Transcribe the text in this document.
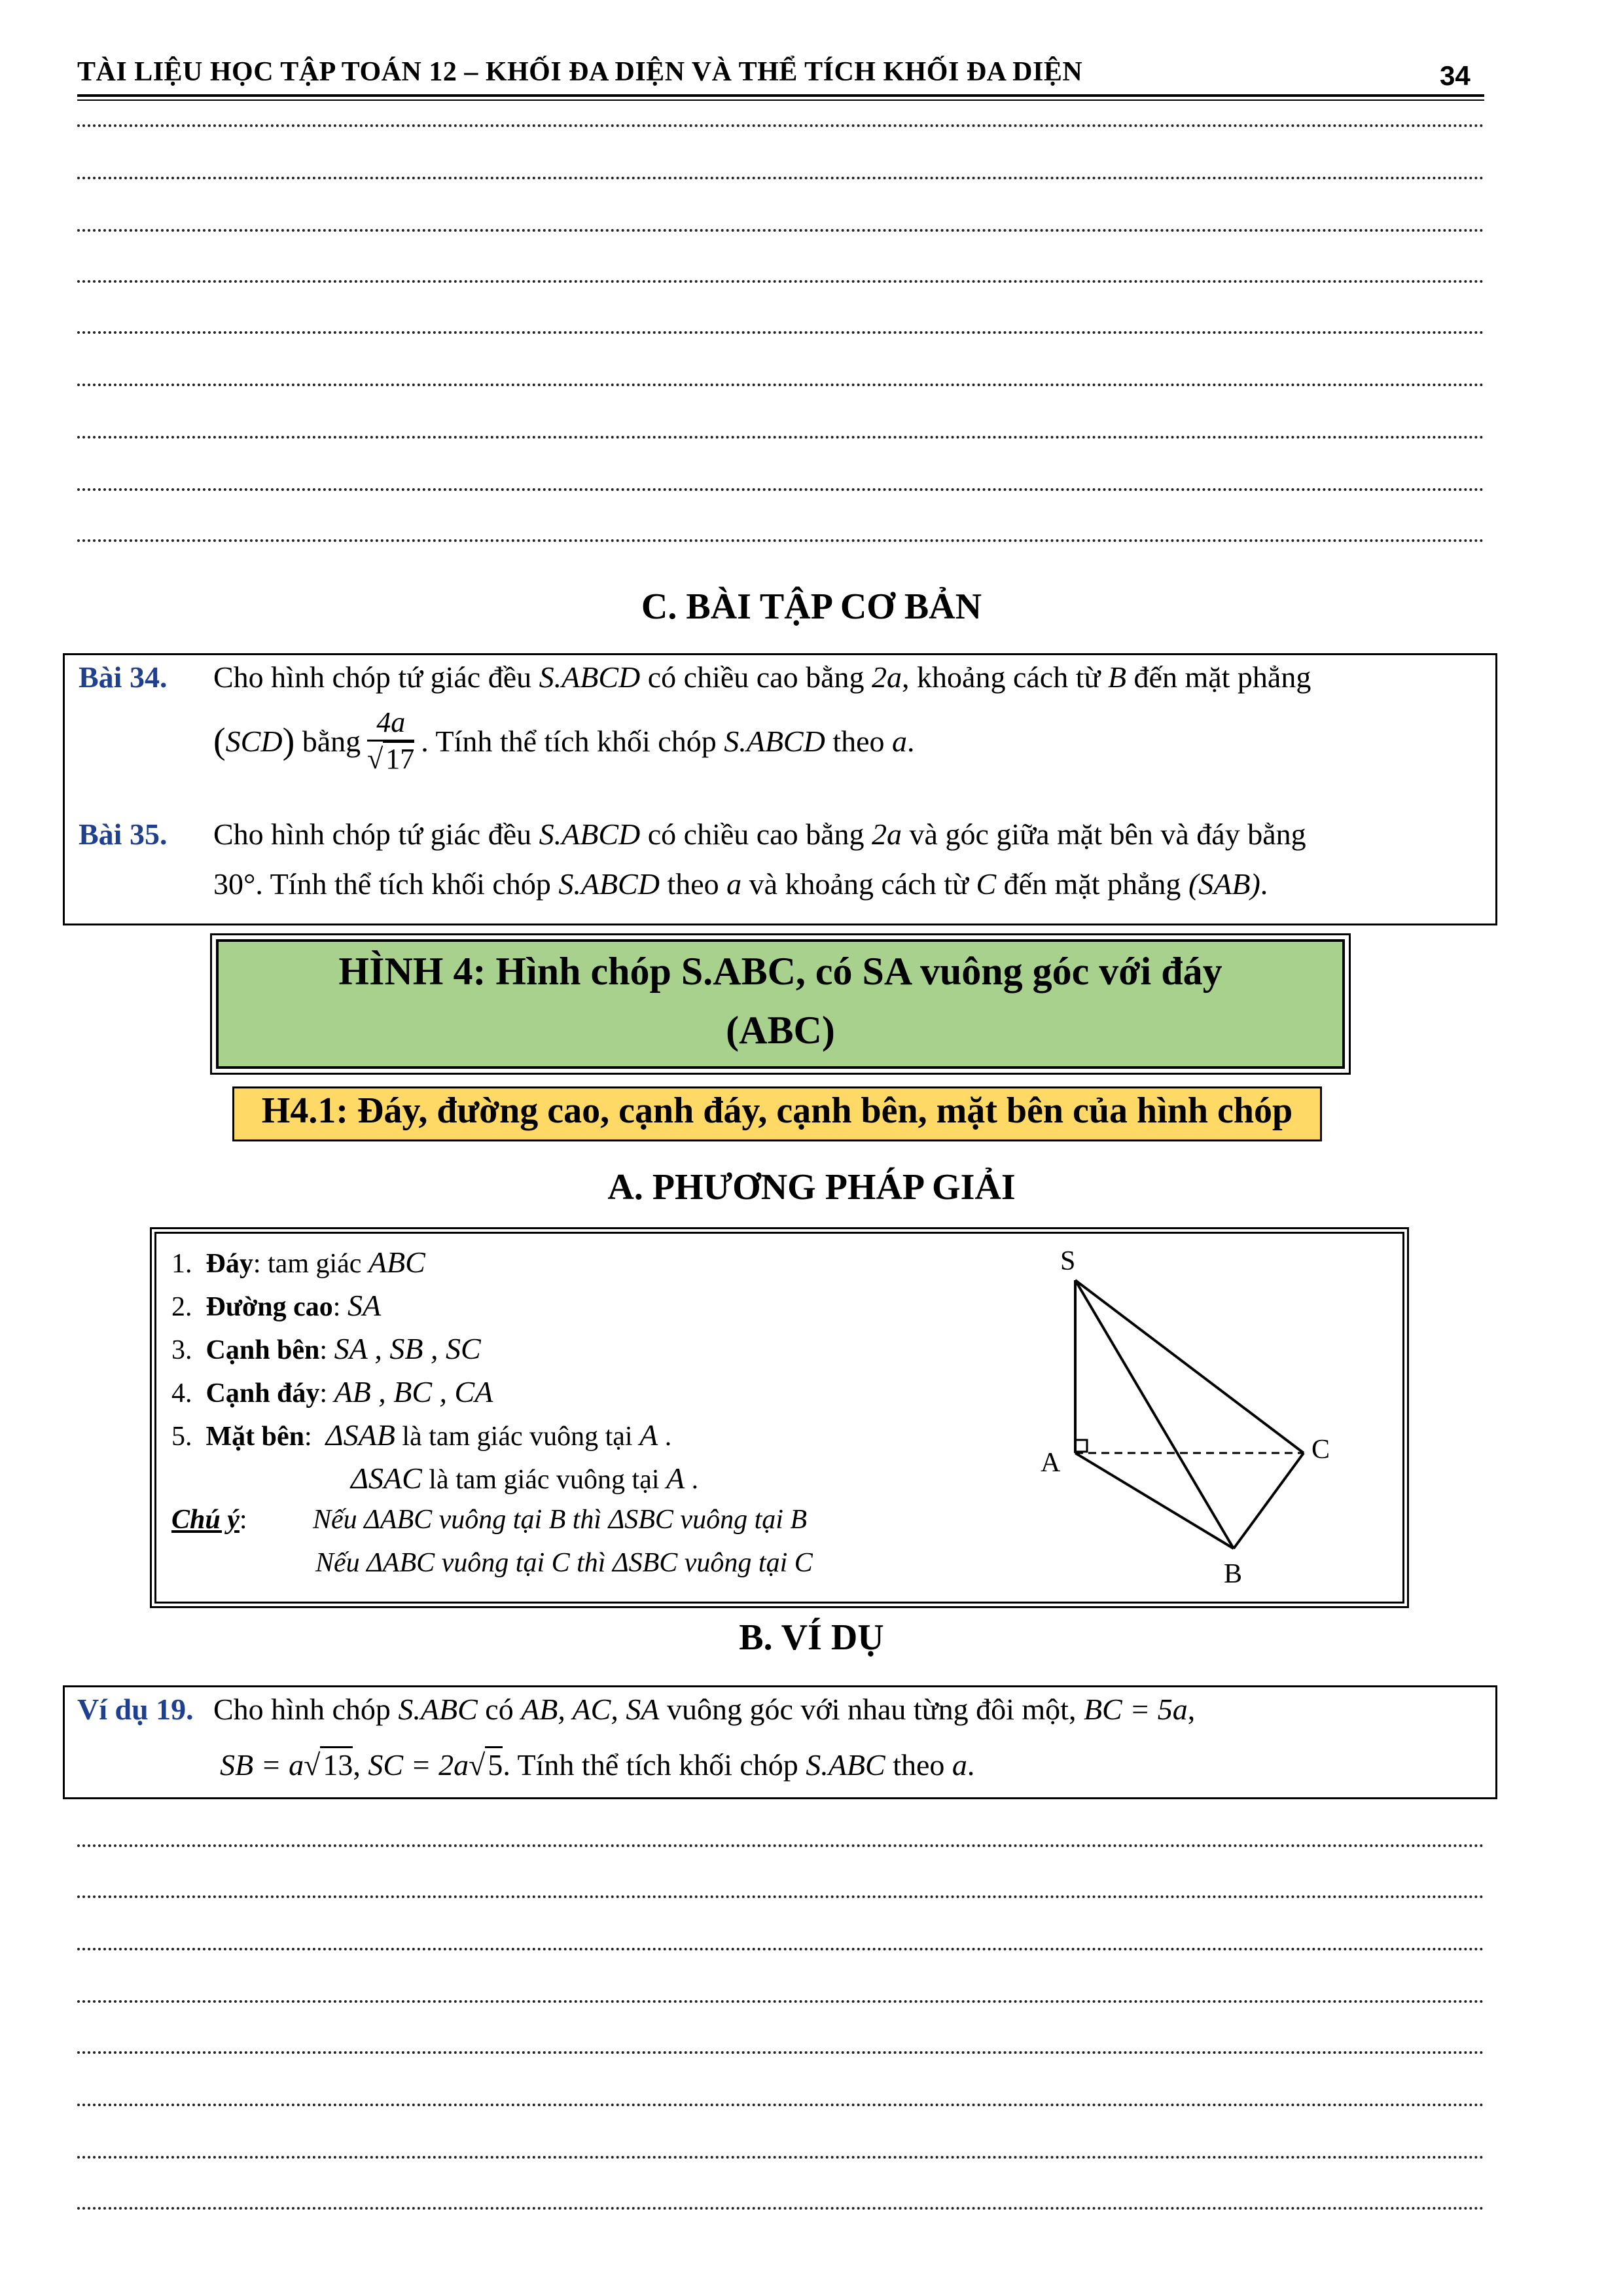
TÀI LIỆU HỌC TẬP TOÁN 12 – KHỐI ĐA DIỆN VÀ THỂ TÍCH KHỐI ĐA DIỆN	34
C. BÀI TẬP CƠ BẢN
Bài 34. Cho hình chóp tứ giác đều S.ABCD có chiều cao bằng 2a, khoảng cách từ B đến mặt phẳng
(SCD) bằng $\frac{4a}{√17}$ . Tính thể tích khối chóp S.ABCD theo a.
Bài 35. Cho hình chóp tứ giác đều S.ABCD có chiều cao bằng 2a và góc giữa mặt bên và đáy bằng
30°. Tính thể tích khối chóp S.ABCD theo a và khoảng cách từ C đến mặt phẳng (SAB).
HÌNH 4: Hình chóp S.ABC, có SA vuông góc với đáy
(ABC)
H4.1: Đáy, đường cao, cạnh đáy, cạnh bên, mặt bên của hình chóp
A. PHƯƠNG PHÁP GIẢI
1. Đáy: tam giác ABC
2. Đường cao: SA
3. Cạnh bên: SA , SB , SC
4. Cạnh đáy: AB , BC , CA
5. Mặt bên:  ΔSAB là tam giác vuông tại A .
ΔSAC là tam giác vuông tại A .
Chú ý: Nếu ΔABC vuông tại B thì ΔSBC vuông tại B
Nếu ΔABC vuông tại C thì ΔSBC vuông tại C
S
A	C
B
B. VÍ DỤ
Ví dụ 19. Cho hình chóp S.ABC có AB, AC, SA vuông góc với nhau từng đôi một, BC = 5a,
SB = a√13, SC = 2a√5. Tính thể tích khối chóp S.ABC theo a.
